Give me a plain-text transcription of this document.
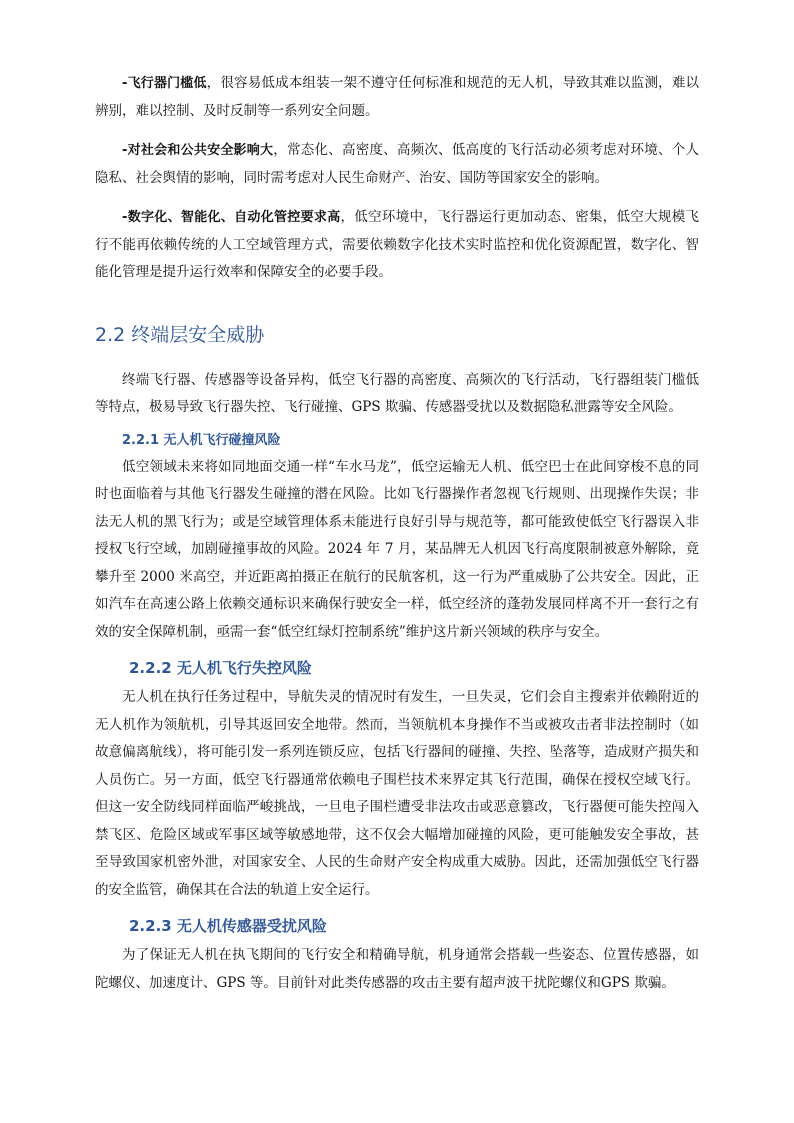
-飞行器门槛低，很容易低成本组装一架不遵守任何标准和规范的无人机，导致其难以监测，难以辨别，难以控制、及时反制等一系列安全问题。

-对社会和公共安全影响大，常态化、高密度、高频次、低高度的飞行活动必须考虑对环境、个人隐私、社会舆情的影响，同时需考虑对人民生命财产、治安、国防等国家安全的影响。

-数字化、智能化、自动化管控要求高，低空环境中，飞行器运行更加动态、密集，低空大规模飞行不能再依赖传统的人工空域管理方式，需要依赖数字化技术实时监控和优化资源配置，数字化、智能化管理是提升运行效率和保障安全的必要手段。

2.2 终端层安全威胁

终端飞行器、传感器等设备异构，低空飞行器的高密度、高频次的飞行活动，飞行器组装门槛低等特点，极易导致飞行器失控、飞行碰撞、GPS 欺骗、传感器受扰以及数据隐私泄露等安全风险。

2.2.1 无人机飞行碰撞风险

低空领域未来将如同地面交通一样“车水马龙”，低空运输无人机、低空巴士在此间穿梭不息的同时也面临着与其他飞行器发生碰撞的潜在风险。比如飞行器操作者忽视飞行规则、出现操作失误；非法无人机的黑飞行为；或是空域管理体系未能进行良好引导与规范等，都可能致使低空飞行器误入非授权飞行空域，加剧碰撞事故的风险。2024 年 7 月，某品牌无人机因飞行高度限制被意外解除，竟攀升至 2000 米高空，并近距离拍摄正在航行的民航客机，这一行为严重威胁了公共安全。因此，正如汽车在高速公路上依赖交通标识来确保行驶安全一样，低空经济的蓬勃发展同样离不开一套行之有效的安全保障机制，亟需一套“低空红绿灯控制系统”维护这片新兴领域的秩序与安全。

2.2.2 无人机飞行失控风险

无人机在执行任务过程中，导航失灵的情况时有发生，一旦失灵，它们会自主搜索并依赖附近的无人机作为领航机，引导其返回安全地带。然而，当领航机本身操作不当或被攻击者非法控制时（如故意偏离航线），将可能引发一系列连锁反应，包括飞行器间的碰撞、失控、坠落等，造成财产损失和人员伤亡。另一方面，低空飞行器通常依赖电子围栏技术来界定其飞行范围，确保在授权空域飞行。但这一安全防线同样面临严峻挑战，一旦电子围栏遭受非法攻击或恶意篡改，飞行器便可能失控闯入禁飞区、危险区域或军事区域等敏感地带，这不仅会大幅增加碰撞的风险，更可能触发安全事故，甚至导致国家机密外泄，对国家安全、人民的生命财产安全构成重大威胁。因此，还需加强低空飞行器的安全监管，确保其在合法的轨道上安全运行。

2.2.3 无人机传感器受扰风险

为了保证无人机在执飞期间的飞行安全和精确导航，机身通常会搭载一些姿态、位置传感器，如陀螺仪、加速度计、GPS 等。目前针对此类传感器的攻击主要有超声波干扰陀螺仪和GPS 欺骗。
